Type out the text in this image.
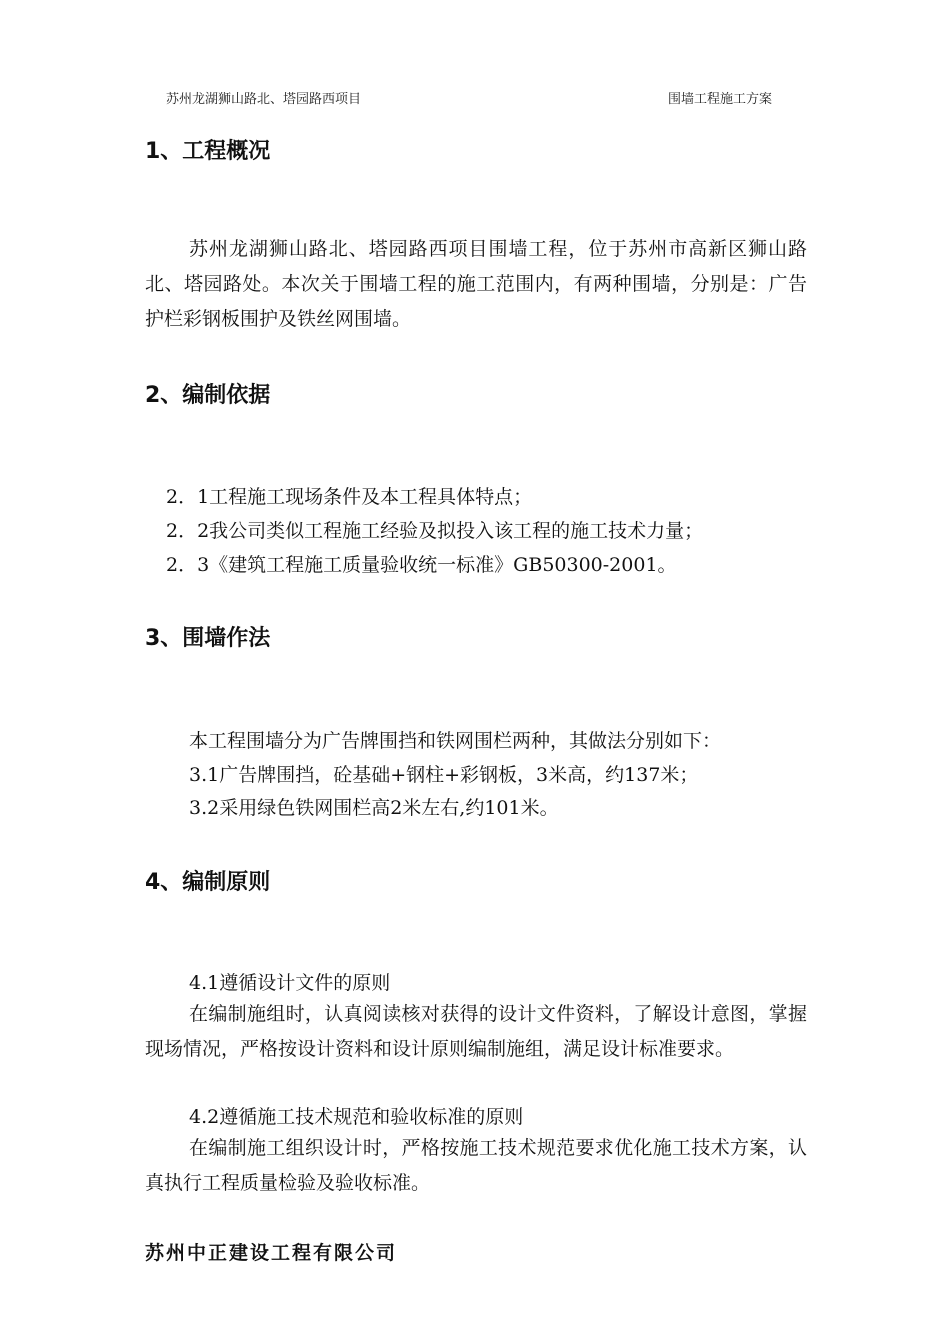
苏州龙湖狮山路北、塔园路西项目	围墙工程施工方案
1、工程概况

苏州龙湖狮山路北、塔园路西项目围墙工程，位于苏州市高新区狮山路北、塔园路处。本次关于围墙工程的施工范围内，有两种围墙，分别是：广告护栏彩钢板围护及铁丝网围墙。

2、编制依据
2．1工程施工现场条件及本工程具体特点；
2．2我公司类似工程施工经验及拟投入该工程的施工技术力量；
2．3《建筑工程施工质量验收统一标准》GB50300-2001。
3、围墙作法
本工程围墙分为广告牌围挡和铁网围栏两种，其做法分别如下：
3.1广告牌围挡，砼基础+钢柱+彩钢板，3米高，约137米；
3.2采用绿色铁网围栏高2米左右,约101米。
4、编制原则
4.1遵循设计文件的原则

在编制施组时，认真阅读核对获得的设计文件资料，了解设计意图，掌握现场情况，严格按设计资料和设计原则编制施组，满足设计标准要求。

4.2遵循施工技术规范和验收标准的原则

在编制施工组织设计时，严格按施工技术规范要求优化施工技术方案，认真执行工程质量检验及验收标准。

苏州中正建设工程有限公司
